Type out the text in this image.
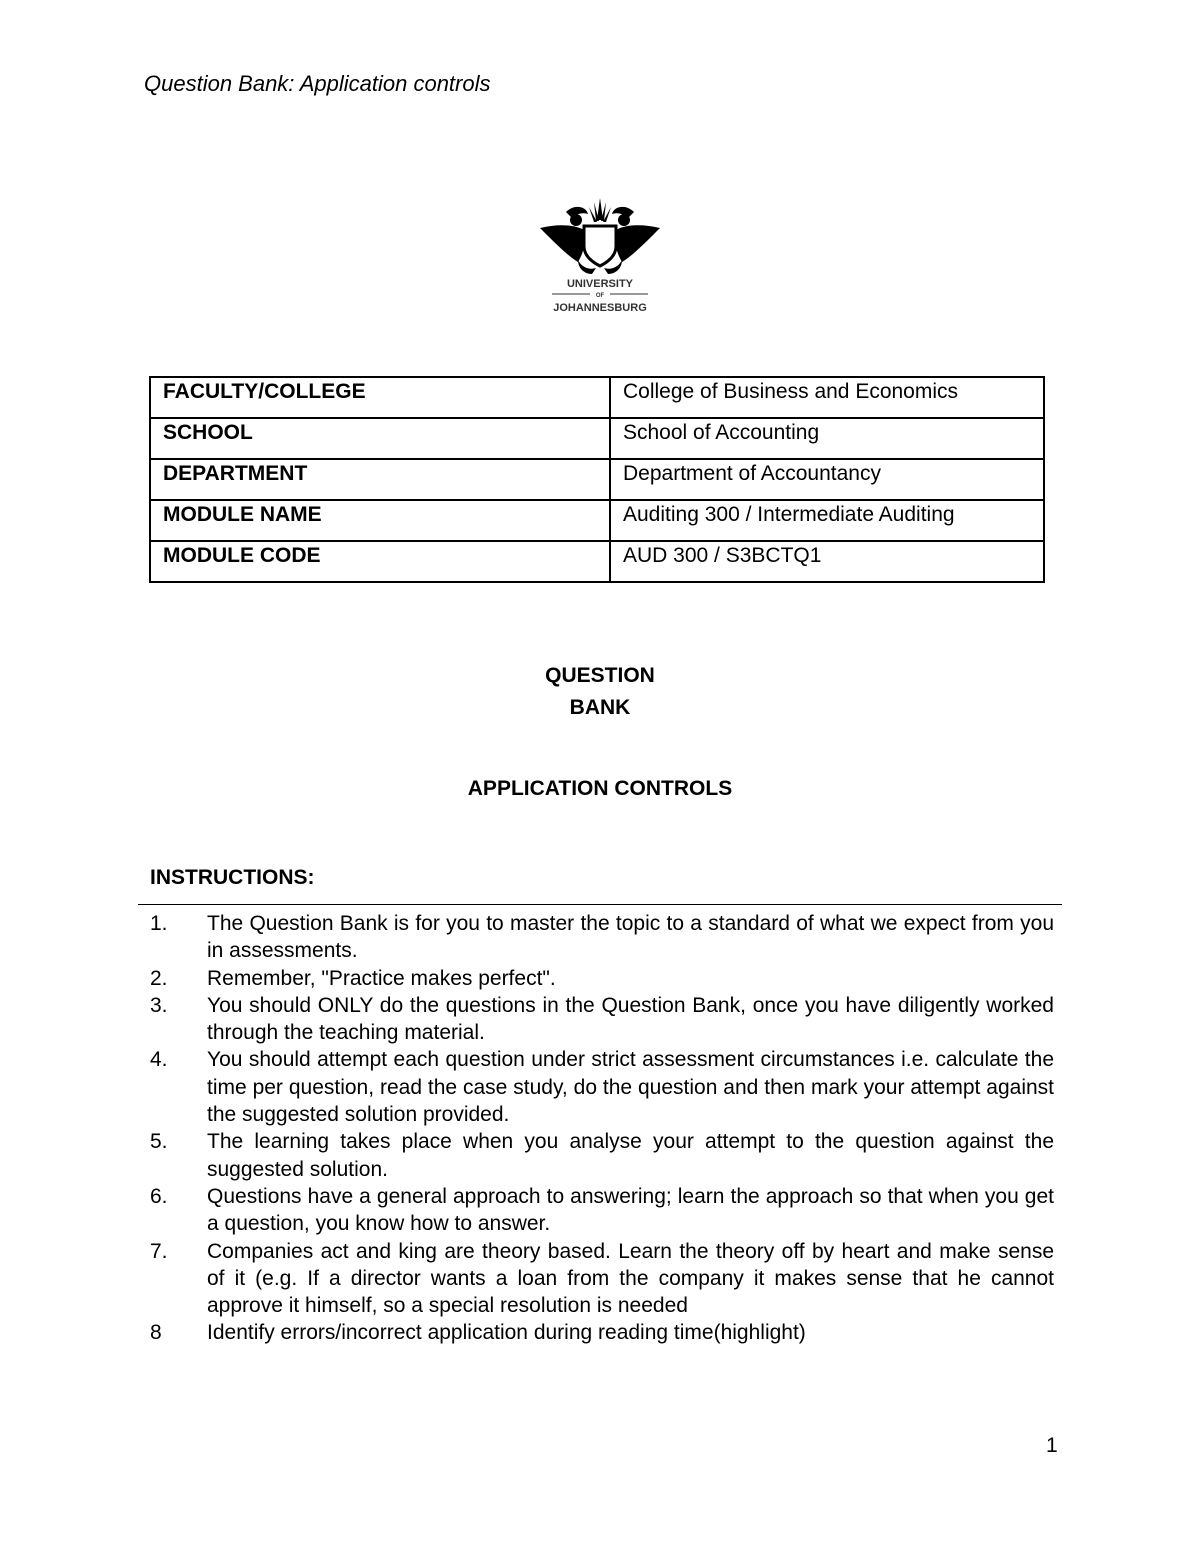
Question Bank: Application controls
UNIVERSITY
OF
JOHANNESBURG
FACULTY/COLLEGE	College of Business and Economics
SCHOOL	School of Accounting
DEPARTMENT	Department of Accountancy
MODULE NAME	Auditing 300 / Intermediate Auditing
MODULE CODE	AUD 300 / S3BCTQ1
QUESTION
BANK
APPLICATION CONTROLS
INSTRUCTIONS:
1. The Question Bank is for you to master the topic to a standard of what we expect from you in assessments.
2. Remember, "Practice makes perfect".
3. You should ONLY do the questions in the Question Bank, once you have diligently worked through the teaching material.
4. You should attempt each question under strict assessment circumstances i.e. calculate the time per question, read the case study, do the question and then mark your attempt against the suggested solution provided.
5. The learning takes place when you analyse your attempt to the question against the suggested solution.
6. Questions have a general approach to answering; learn the approach so that when you get a question, you know how to answer.
7. Companies act and king are theory based. Learn the theory off by heart and make sense of it (e.g. If a director wants a loan from the company it makes sense that he cannot approve it himself, so a special resolution is needed
8 Identify errors/incorrect application during reading time(highlight)
1
